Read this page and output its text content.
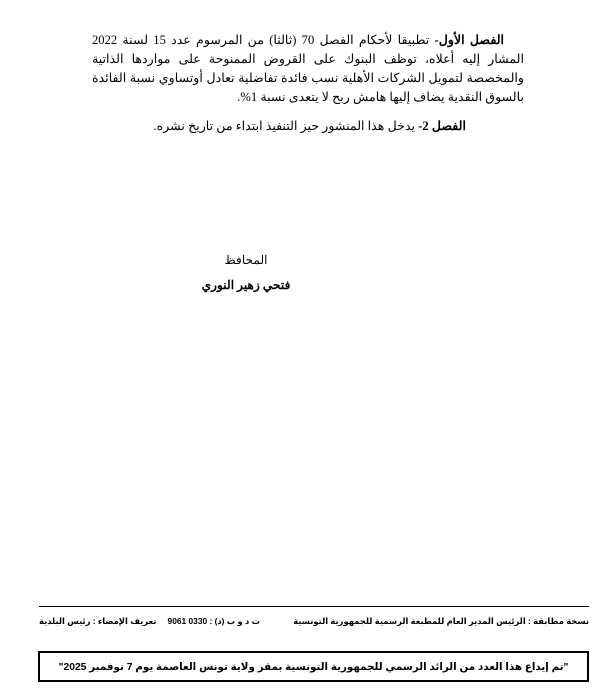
الفصل الأول- تطبيقا لأحكام الفصل 70 (ثالثا) من المرسوم عدد 15 لسنة 2022 المشار إليه أعلاه، توظف البنوك على القروض الممنوحة على مواردها الذاتية والمخصصة لتمويل الشركات الأهلية نسب فائدة تفاضلية تعادل أوتساوي نسبة الفائدة بالسوق النقدية يضاف إليها هامش ربح لا يتعدى نسبة 1%.

الفصل 2- يدخل هذا المنشور حيز التنفيذ ابتداء من تاريخ نشره.

المحافظ
فتحي زهير النوري
نسخة مطابقة : الرئيس المدير العام للمطبعة الرسمية للجمهورية التونسية
ت د و ب (د) : 0330 9061
تعريف الإمضاء : رئيس البلدية
"تم إيداع هذا العدد من الرائد الرسمي للجمهورية التونسية بمقر ولاية تونس العاصمة يوم 7 نوفمبر 2025"
